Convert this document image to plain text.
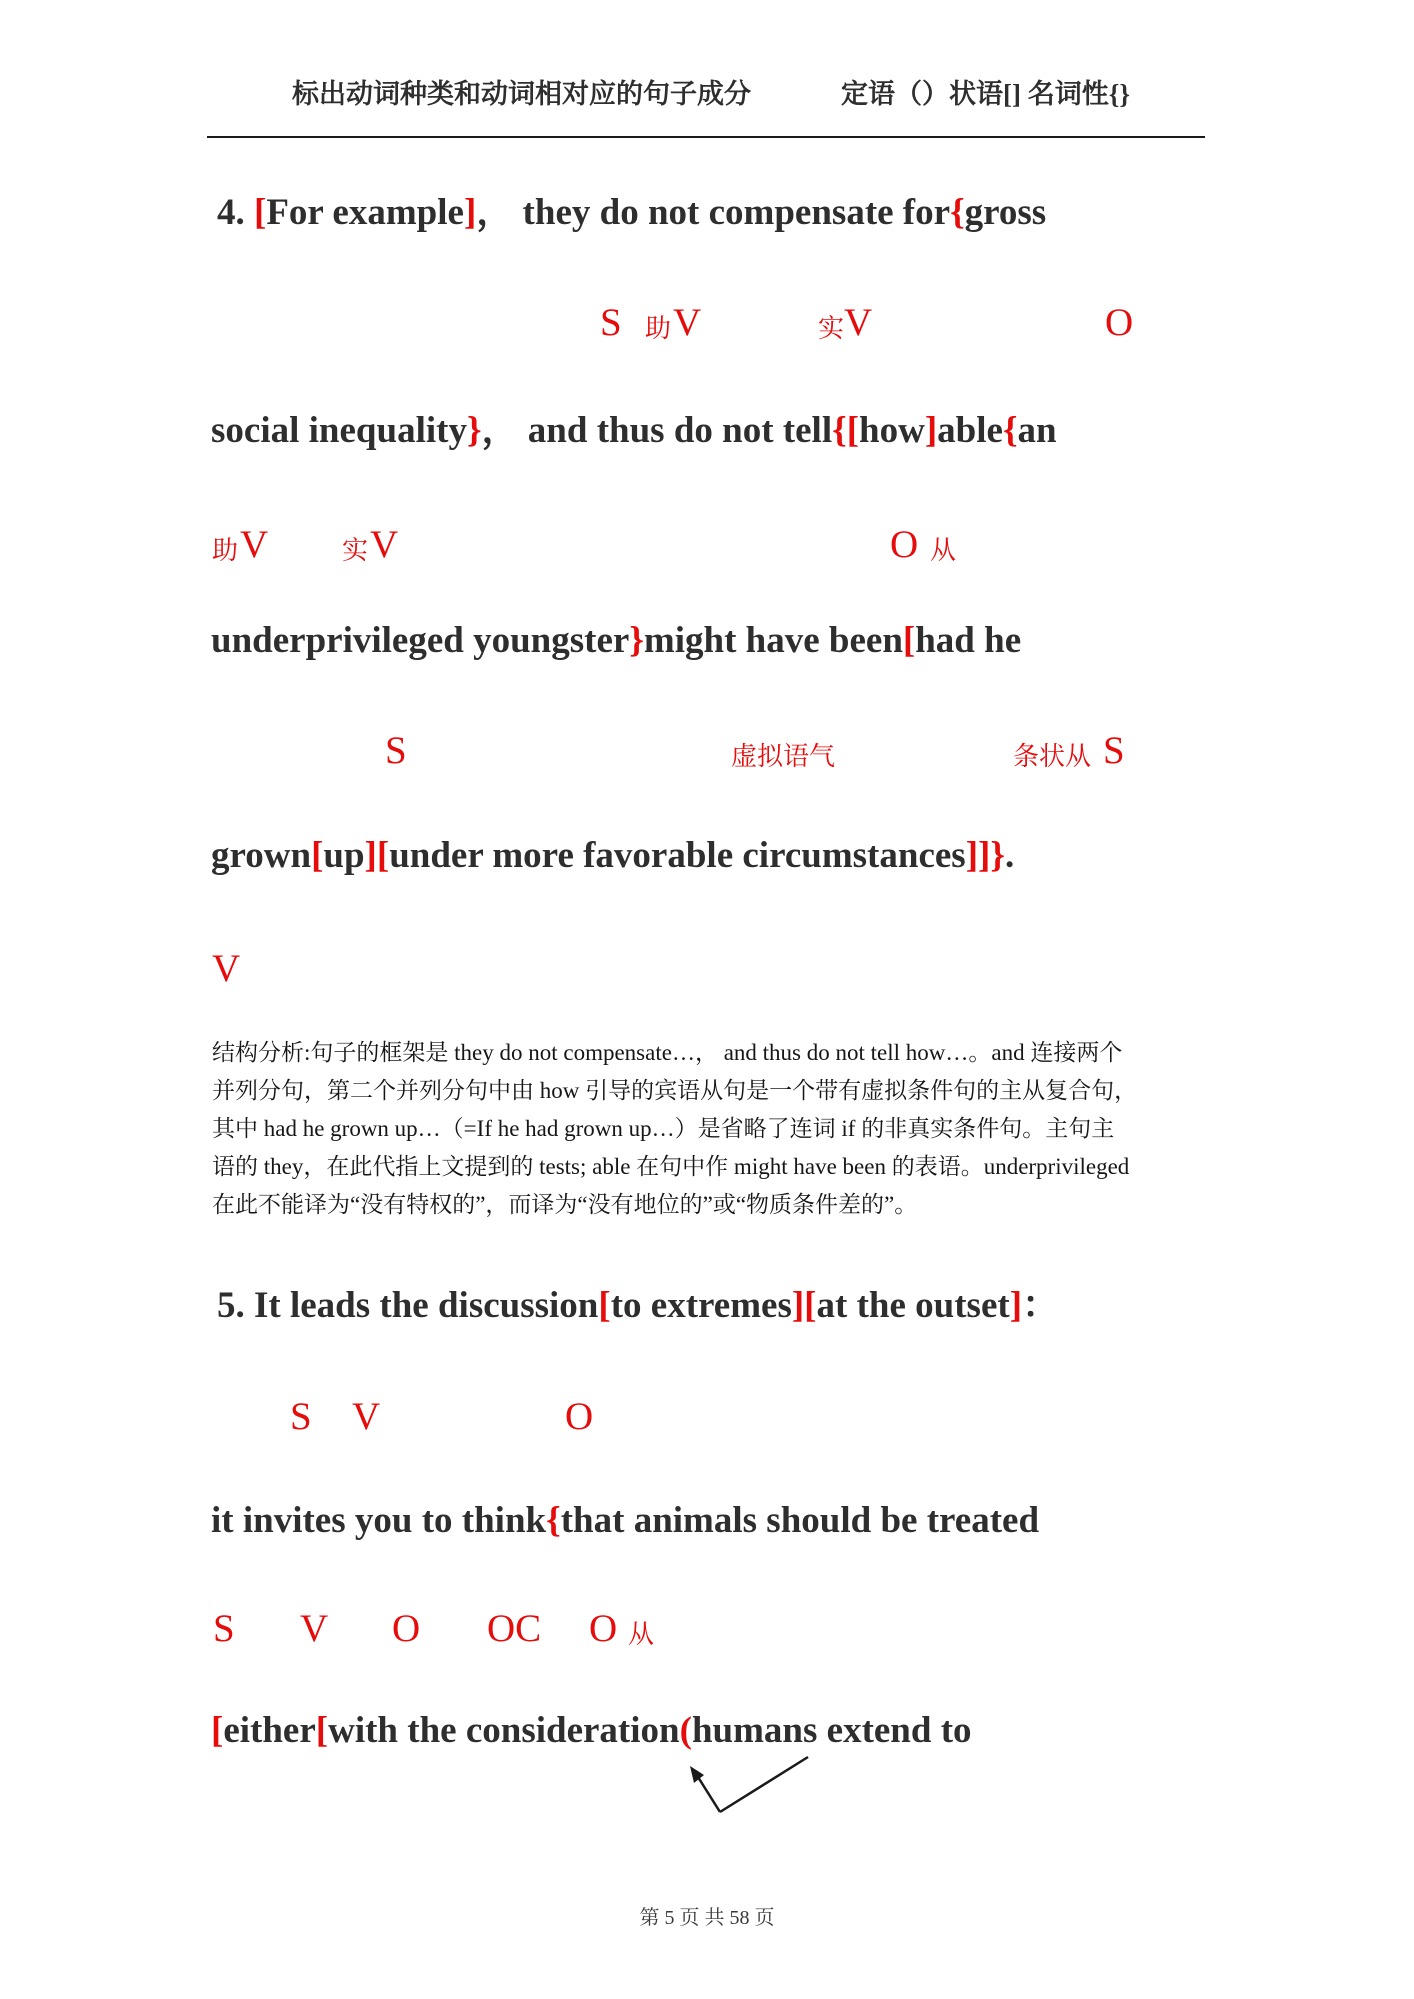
标出动词种类和动词相对应的句子成分	定语（）状语[] 名词性{}
4. [For example]， they do not compensate for{gross
S 助 V	实 V	O
social inequality}， and thus do not tell{[how]able{an
助 V	实 V	O 从
underprivileged youngster}might have been[had he
S	虚拟语气	条状从 S
grown[up][under more favorable circumstances]]}.
V
结构分析:句子的框架是 they do not compensate…， and thus do not tell how…。and 连接两个
并列分句，第二个并列分句中由 how 引导的宾语从句是一个带有虚拟条件句的主从复合句，
其中 had he grown up…（=If he had grown up…）是省略了连词 if 的非真实条件句。主句主
语的 they，在此代指上文提到的 tests; able 在句中作 might have been 的表语。underprivileged
在此不能译为“没有特权的”，而译为“没有地位的”或“物质条件差的”。
5. It leads the discussion[to extremes][at the outset]：
S V	O
it invites you to think{that animals should be treated
S V O OC O 从
[either[with the consideration(humans extend to
第 5 页 共 58 页
